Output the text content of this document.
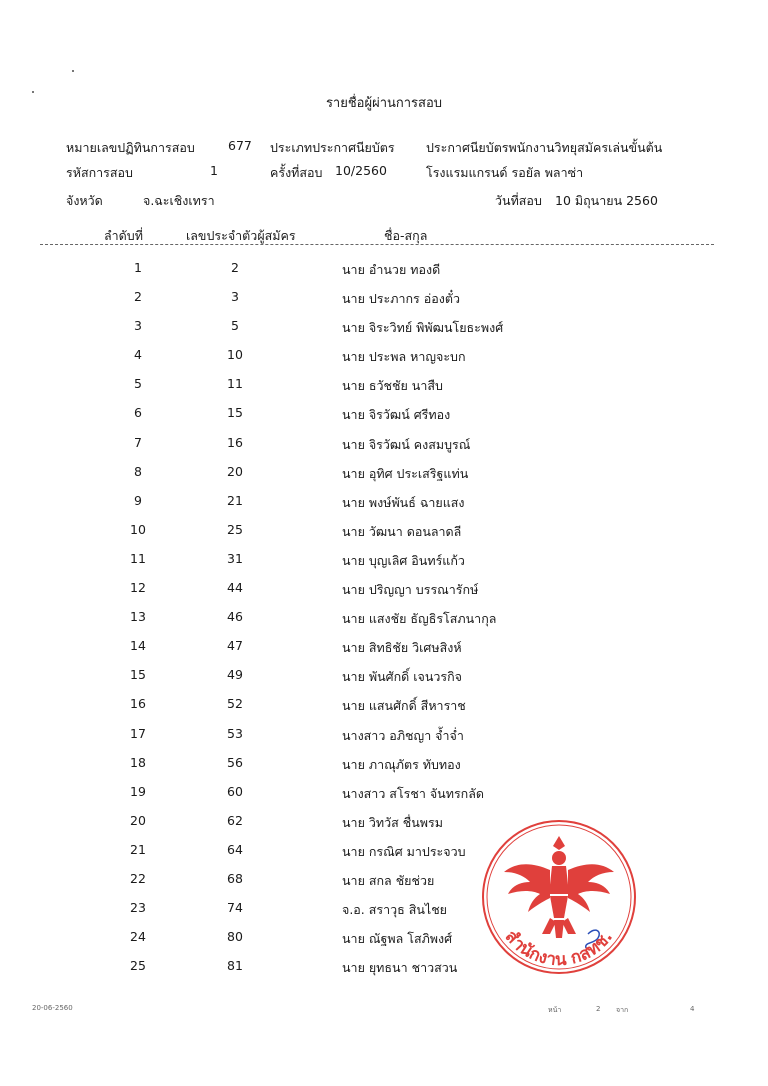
รายชื่อผู้ผ่านการสอบ
หมายเลขปฏิทินการสอบ	677 ประเภทประกาศนียบัตร	ประกาศนียบัตรพนักงานวิทยุสมัครเล่นขั้นต้น
รหัสการสอบ	1	ครั้งที่สอบ 10/2560	โรงแรมแกรนด์ รอยัล พลาซ่า
จังหวัด	จ.ฉะเชิงเทรา	วันที่สอบ 10 มิถุนายน 2560
ลำดับที่	เลขประจำตัวผู้สมัคร	ชื่อ-สกุล
1	2	นาย อำนวย ทองดี
2	3	นาย ประภากร อ่องตั๋ว
3	5	นาย จิระวิทย์ พิพัฒนโยธะพงศ์
4	10	นาย ประพล หาญจะบก
5	11	นาย ธวัชชัย นาสืบ
6	15	นาย จิรวัฒน์ ศรีทอง
7	16	นาย จิรวัฒน์ คงสมบูรณ์
8	20	นาย อุทิศ ประเสริฐแท่น
9	21	นาย พงษ์พันธ์ ฉายแสง
10	25	นาย วัฒนา ดอนลาดลี
11	31	นาย บุญเลิศ อินทร์แก้ว
12	44	นาย ปริญญา บรรณารักษ์
13	46	นาย แสงชัย ธัญธิรโสภนากุล
14	47	นาย สิทธิชัย วิเศษสิงห์
15	49	นาย พันศักดิ์ เจนวรกิจ
16	52	นาย แสนศักดิ์ สีหาราช
17	53	นางสาว อภิชญา จ้ำจ่ำ
18	56	นาย ภาณุภัตร ทับทอง
19	60	นางสาว สโรชา จันทรกลัด
20	62	นาย วิทวัส ชื่นพรม
21	64	นาย กรณิศ มาประจวบ
22	68	นาย สกล ชัยช่วย
23	74	จ.อ. สราวุธ สินไชย
24	80	นาย ณัฐพล โสภิพงศ์
25	81	นาย ยุทธนา ชาวสวน
สำนักงาน กสทช.
20-06-2560	หน้า	2 จาก	4
